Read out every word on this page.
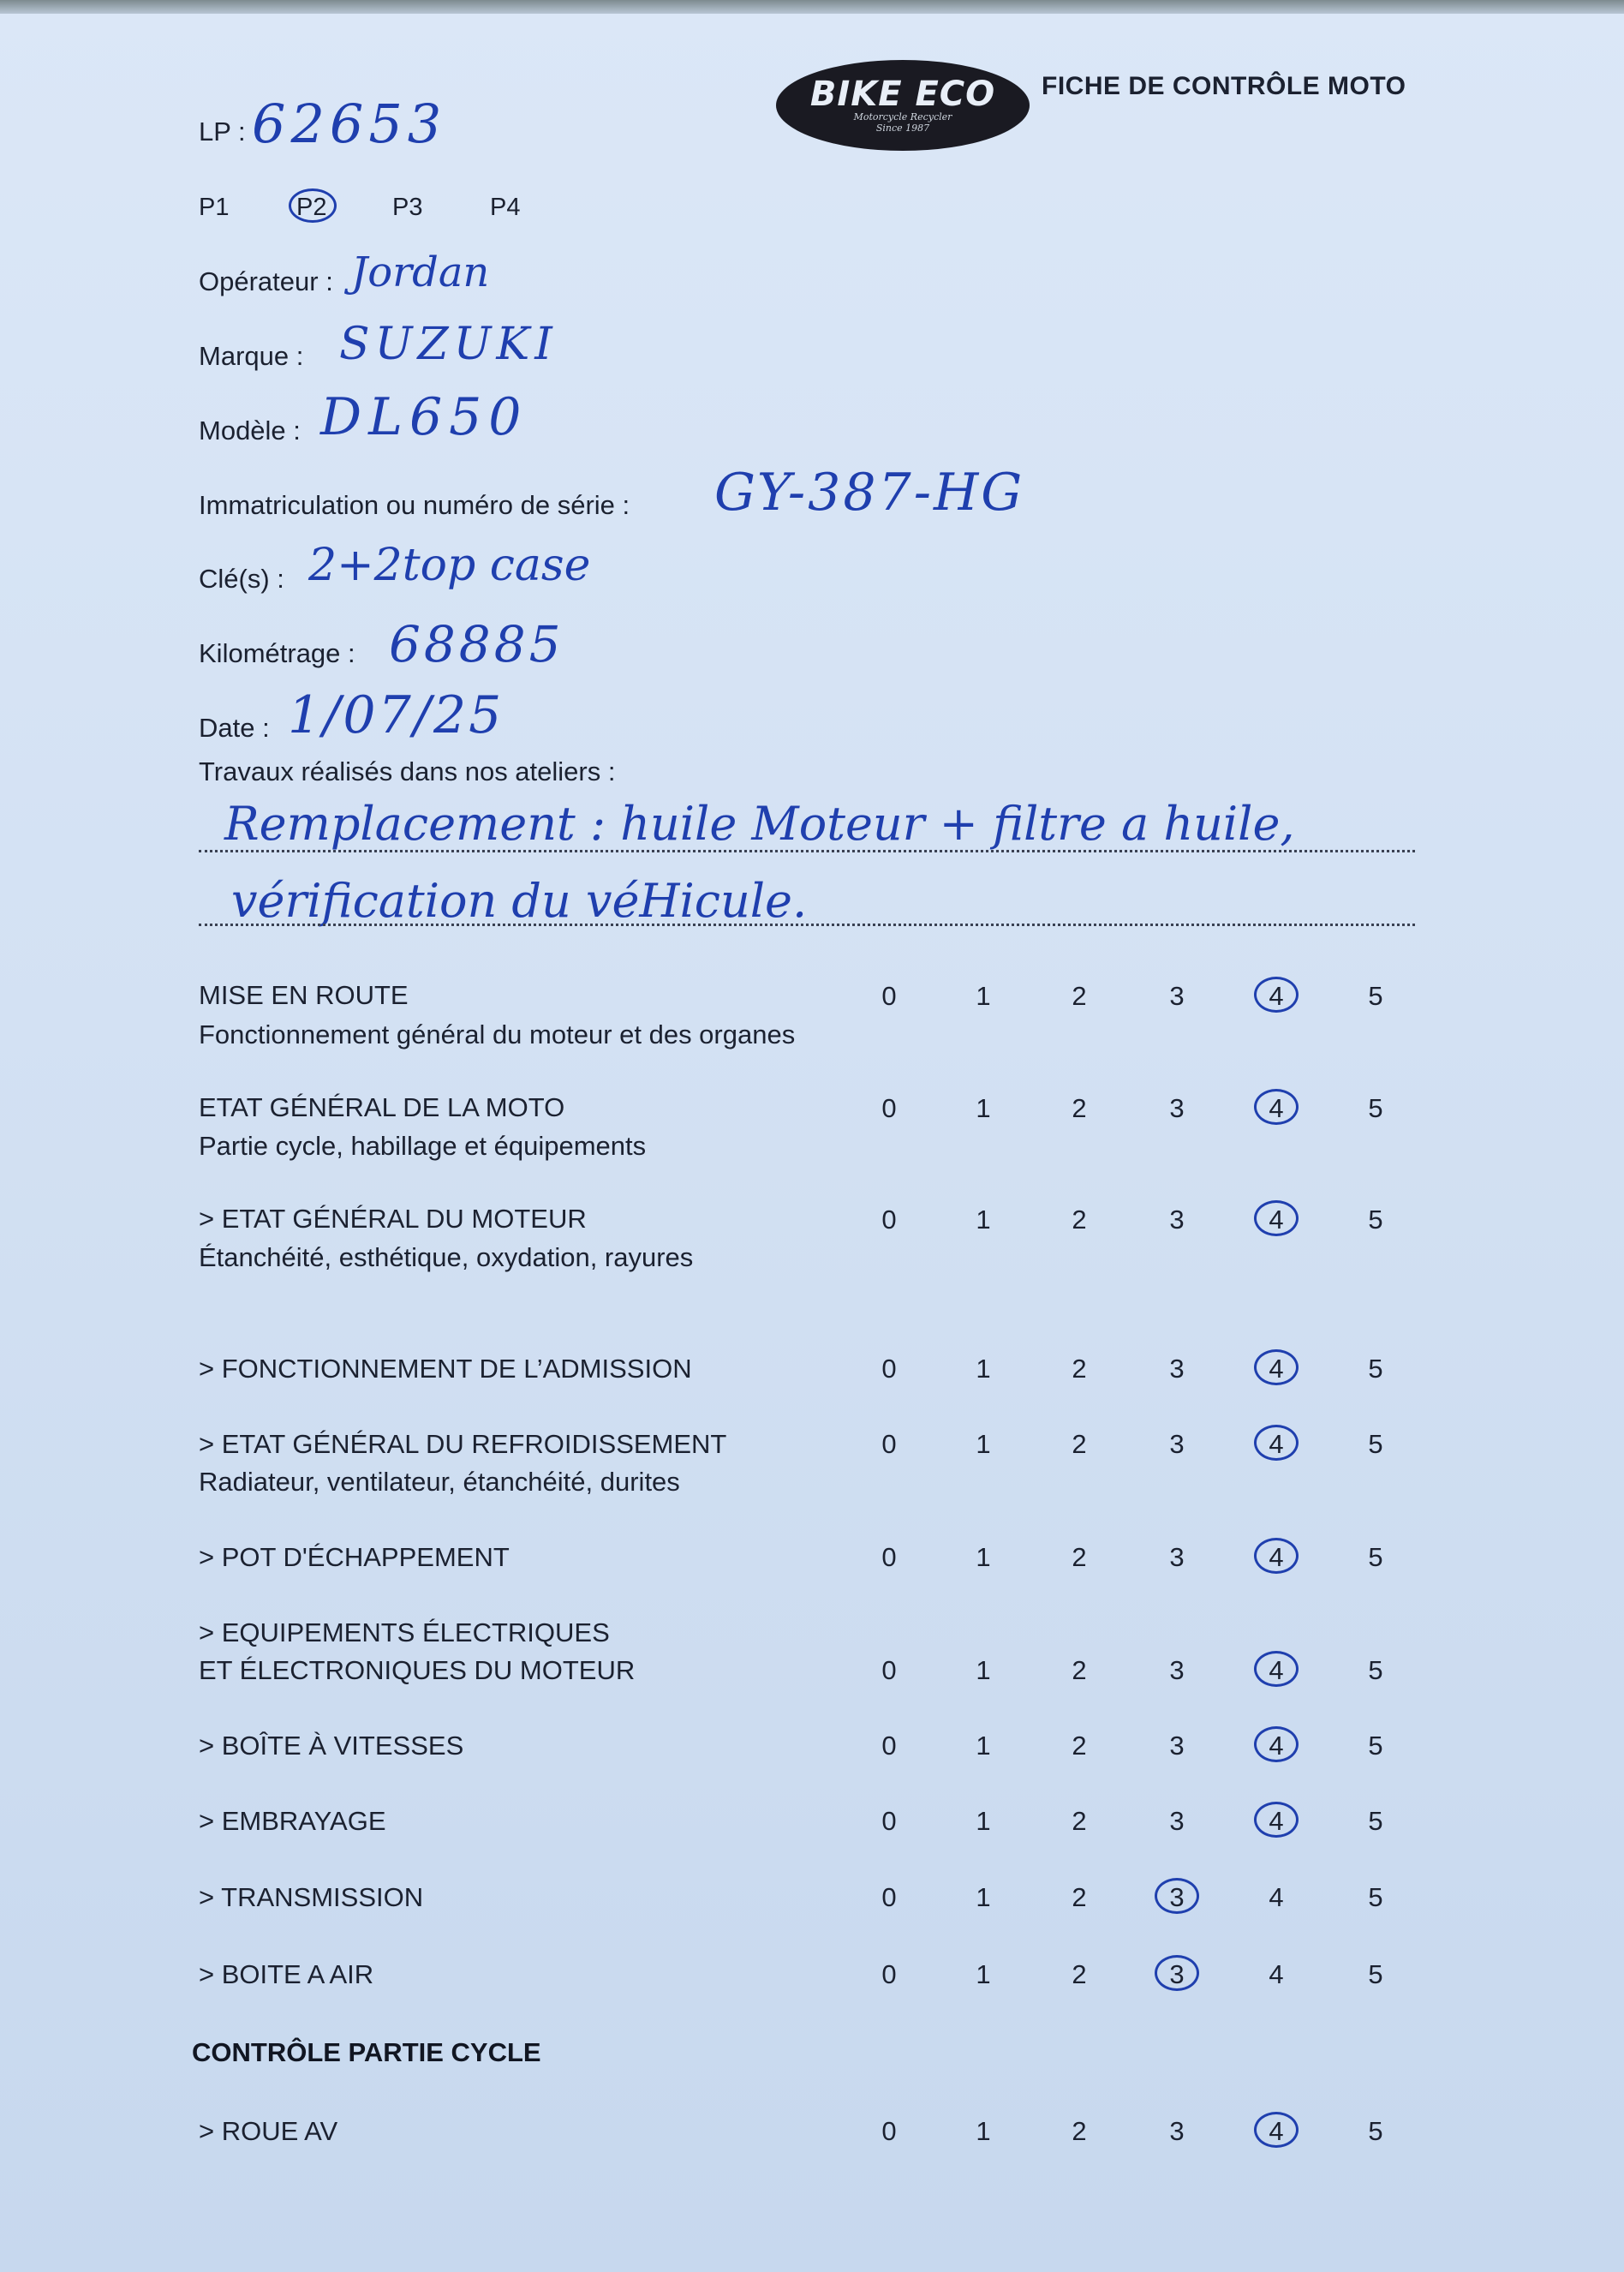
BIKE ECO
Motorcycle Recycler
Since 1987
FICHE DE CONTRÔLE MOTO
LP : 62653
P1	P2	P3	P4
Opérateur : Jordan
Marque : SUZUKI
Modèle : DL650
Immatriculation ou numéro de série : GY-387-HG
Clé(s) : 2+2top case
Kilométrage : 68885
Date : 1/07/25
Travaux réalisés dans nos ateliers :
Remplacement : huile Moteur + filtre a huile,
vérification du véHicule.
MISE EN ROUTE
Fonctionnement général du moteur et des organes
0	1	2	3	4	5
ETAT GÉNÉRAL DE LA MOTO
Partie cycle, habillage et équipements
0	1	2	3	4	5
> ETAT GÉNÉRAL DU MOTEUR
Étanchéité, esthétique, oxydation, rayures
0	1	2	3	4	5
> FONCTIONNEMENT DE L’ADMISSION	0	1	2	3	4	5
> ETAT GÉNÉRAL DU REFROIDISSEMENT
Radiateur, ventilateur, étanchéité, durites
0	1	2	3	4	5
> POT D'ÉCHAPPEMENT	0	1	2	3	4	5
> EQUIPEMENTS ÉLECTRIQUES
ET ÉLECTRONIQUES DU MOTEUR	0	1	2	3	4	5
> BOÎTE À VITESSES	0	1	2	3	4	5
> EMBRAYAGE	0	1	2	3	4	5
> TRANSMISSION	0	1	2	3	4	5
> BOITE A AIR	0	1	2	3	4	5
CONTRÔLE PARTIE CYCLE
> ROUE AV	0	1	2	3	4	5
